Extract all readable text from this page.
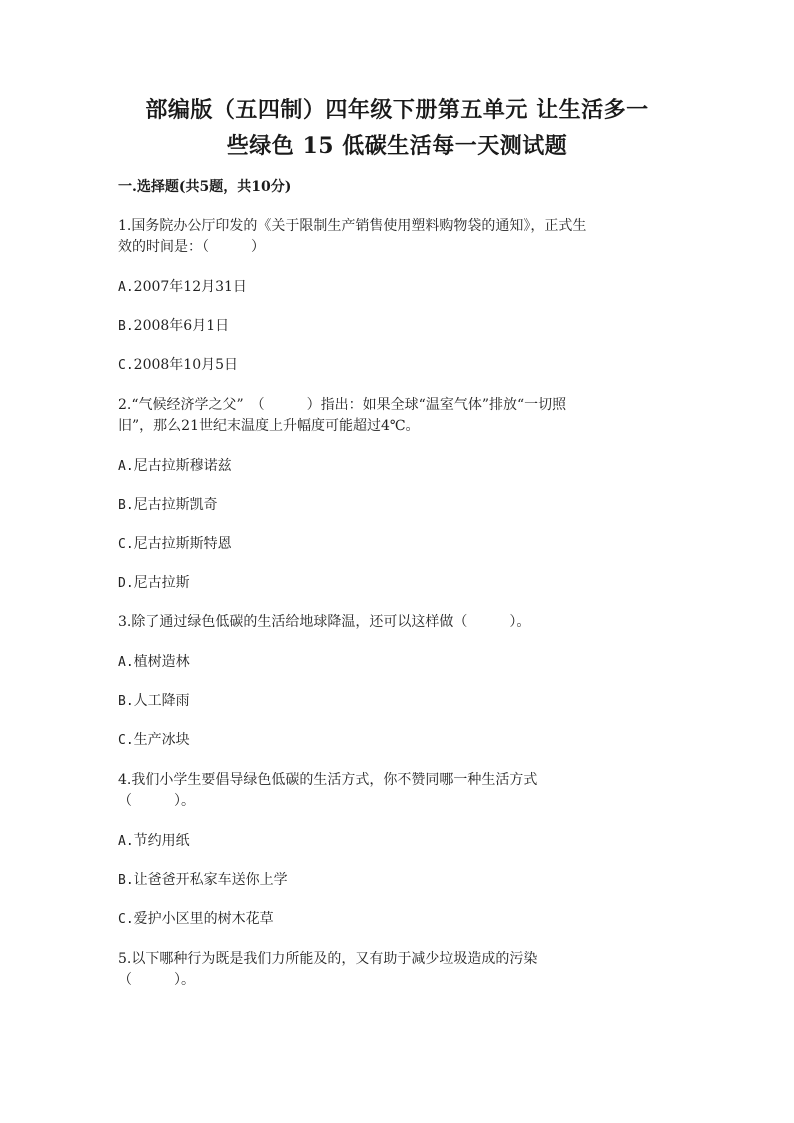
部编版（五四制）四年级下册第五单元 让生活多一
些绿色 15 低碳生活每一天测试题
一.选择题(共5题，共10分)
1.国务院办公厅印发的《关于限制生产销售使用塑料购物袋的通知》，正式生
效的时间是：（　　　）
A.2007年12月31日
B.2008年6月1日
C.2008年10月5日
2.“气候经济学之父”　（　　　）指出：如果全球“温室气体”排放“一切照
旧”，那么21世纪末温度上升幅度可能超过4℃。
A.尼古拉斯穆诺兹
B.尼古拉斯凯奇
C.尼古拉斯斯特恩
D.尼古拉斯
3.除了通过绿色低碳的生活给地球降温，还可以这样做（　　　）。
A.植树造林
B.人工降雨
C.生产冰块
4.我们小学生要倡导绿色低碳的生活方式，你不赞同哪一种生活方式
（　　　）。
A.节约用纸
B.让爸爸开私家车送你上学
C.爱护小区里的树木花草
5.以下哪种行为既是我们力所能及的，又有助于减少垃圾造成的污染
（　　　）。
